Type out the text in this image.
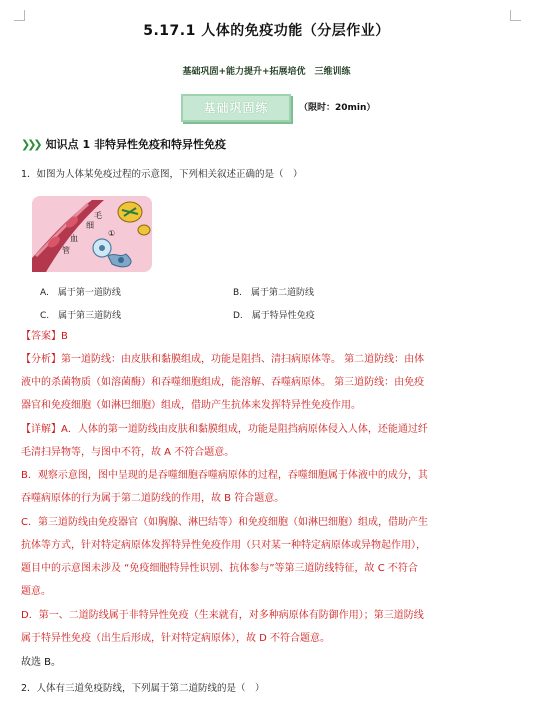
5.17.1 人体的免疫功能（分层作业）
基础巩固+能力提升+拓展培优　三维训练
基础巩固练	（限时：20min）
❯❯❯ 知识点 1 非特异性免疫和特异性免疫
1．如图为人体某免疫过程的示意图，下列相关叙述正确的是（　）
毛
细
血
管
①
A.　属于第一道防线	B.　属于第二道防线
C.　属于第三道防线	D.　属于特异性免疫
【答案】B
【分析】第一道防线：由皮肤和黏膜组成，功能是阻挡、清扫病原体等。 第二道防线：由体
液中的杀菌物质（如溶菌酶）和吞噬细胞组成，能溶解、吞噬病原体。 第三道防线：由免疫
器官和免疫细胞（如淋巴细胞）组成，借助产生抗体来发挥特异性免疫作用。
【详解】A．人体的第一道防线由皮肤和黏膜组成，功能是阻挡病原体侵入人体，还能通过纤
毛清扫异物等，与图中不符，故 A 不符合题意。
B．观察示意图，图中呈现的是吞噬细胞吞噬病原体的过程，吞噬细胞属于体液中的成分，其
吞噬病原体的行为属于第二道防线的作用，故 B 符合题意。
C．第三道防线由免疫器官（如胸腺、淋巴结等）和免疫细胞（如淋巴细胞）组成，借助产生
抗体等方式，针对特定病原体发挥特异性免疫作用（只对某一种特定病原体或异物起作用），
题目中的示意图未涉及 “免疫细胞特异性识别、抗体参与”等第三道防线特征，故 C 不符合
题意。
D．第一、二道防线属于非特异性免疫（生来就有，对多种病原体有防御作用）；第三道防线
属于特异性免疫（出生后形成，针对特定病原体），故 D 不符合题意。
故选 B。
2．人体有三道免疫防线，下列属于第二道防线的是（　）
